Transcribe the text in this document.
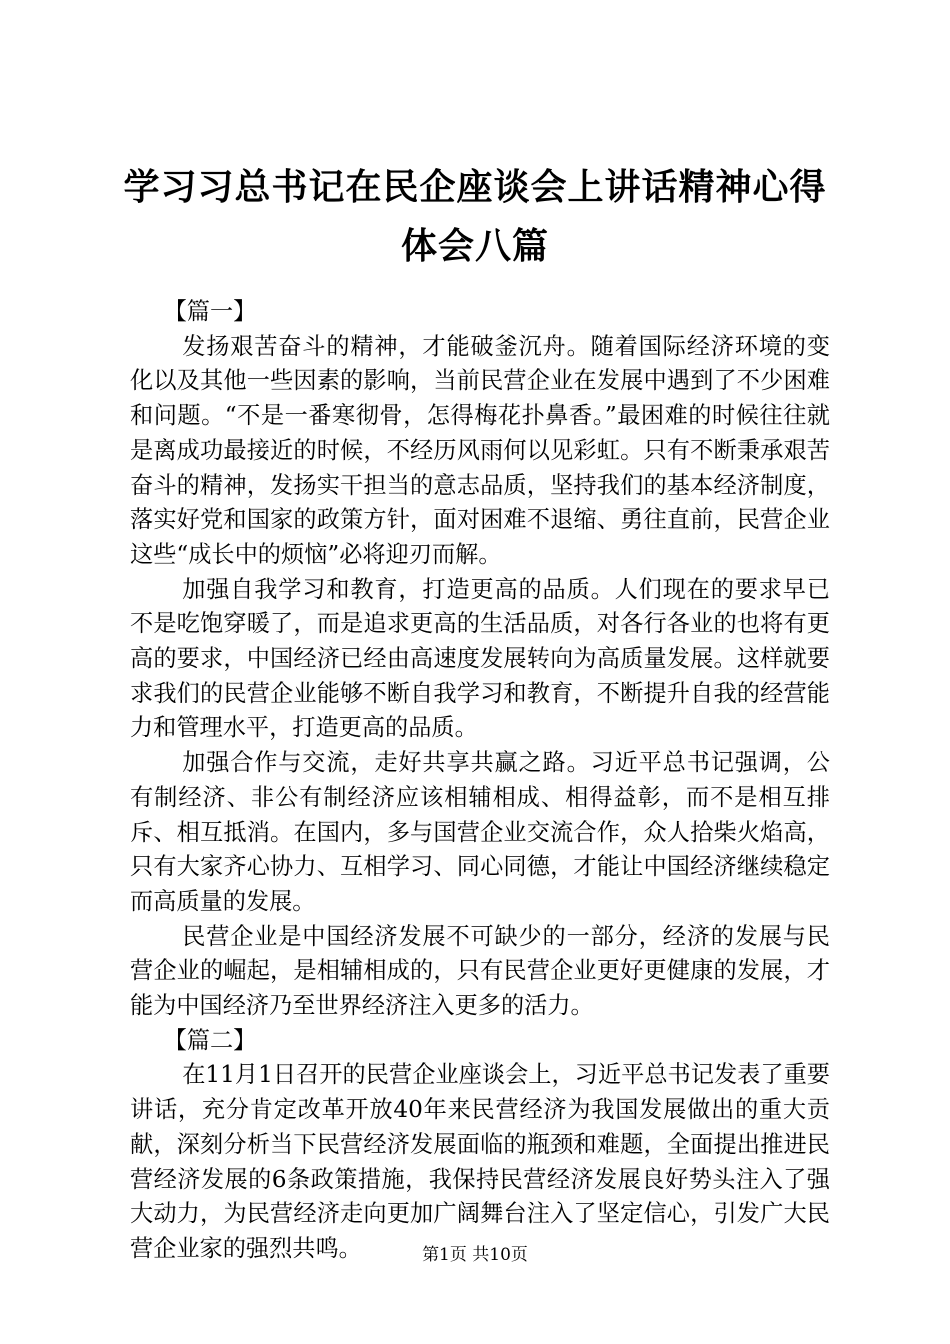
学习习总书记在民企座谈会上讲话精神心得体会八篇

【篇一】

发扬艰苦奋斗的精神，才能破釜沉舟。随着国际经济环境的变化以及其他一些因素的影响，当前民营企业在发展中遇到了不少困难和问题。“不是一番寒彻骨，怎得梅花扑鼻香。”最困难的时候往往就是离成功最接近的时候，不经历风雨何以见彩虹。只有不断秉承艰苦奋斗的精神，发扬实干担当的意志品质，坚持我们的基本经济制度，落实好党和国家的政策方针，面对困难不退缩、勇往直前，民营企业这些“成长中的烦恼”必将迎刃而解。

加强自我学习和教育，打造更高的品质。人们现在的要求早已不是吃饱穿暖了，而是追求更高的生活品质，对各行各业的也将有更高的要求，中国经济已经由高速度发展转向为高质量发展。这样就要求我们的民营企业能够不断自我学习和教育，不断提升自我的经营能力和管理水平，打造更高的品质。

加强合作与交流，走好共享共赢之路。习近平总书记强调，公有制经济、非公有制经济应该相辅相成、相得益彰，而不是相互排斥、相互抵消。在国内，多与国营企业交流合作，众人拾柴火焰高，只有大家齐心协力、互相学习、同心同德，才能让中国经济继续稳定而高质量的发展。

民营企业是中国经济发展不可缺少的一部分，经济的发展与民营企业的崛起，是相辅相成的，只有民营企业更好更健康的发展，才能为中国经济乃至世界经济注入更多的活力。

【篇二】

在11月1日召开的民营企业座谈会上，习近平总书记发表了重要讲话，充分肯定改革开放40年来民营经济为我国发展做出的重大贡献，深刻分析当下民营经济发展面临的瓶颈和难题，全面提出推进民营经济发展的6条政策措施，我保持民营经济发展良好势头注入了强大动力，为民营经济走向更加广阔舞台注入了坚定信心，引发广大民营企业家的强烈共鸣。	第1页 共10页
